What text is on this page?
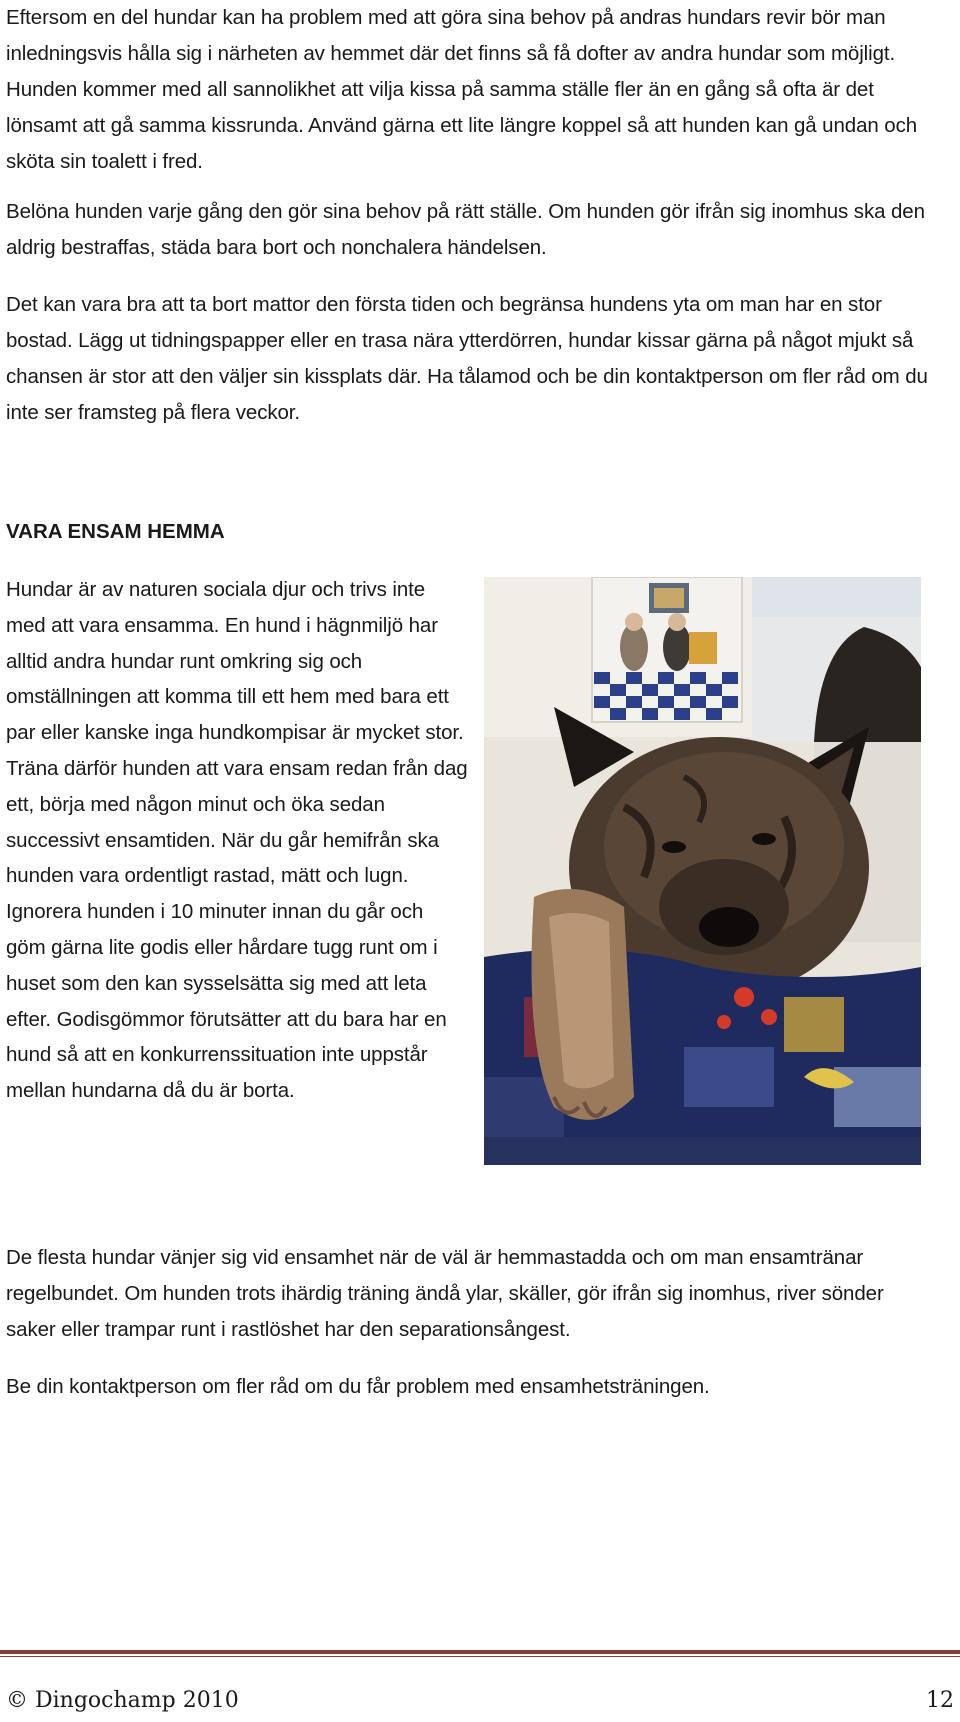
Eftersom en del hundar kan ha problem med att göra sina behov på andras hundars revir bör man inledningsvis hålla sig i närheten av hemmet där det finns så få dofter av andra hundar som möjligt. Hunden kommer med all sannolikhet att vilja kissa på samma ställe fler än en gång så ofta är det lönsamt att gå samma kissrunda. Använd gärna ett lite längre koppel så att hunden kan gå undan och sköta sin toalett i fred.

Belöna hunden varje gång den gör sina behov på rätt ställe. Om hunden gör ifrån sig inomhus ska den aldrig bestraffas, städa bara bort och nonchalera händelsen.

Det kan vara bra att ta bort mattor den första tiden och begränsa hundens yta om man har en stor bostad. Lägg ut tidningspapper eller en trasa nära ytterdörren, hundar kissar gärna på något mjukt så chansen är stor att den väljer sin kissplats där. Ha tålamod och be din kontaktperson om fler råd om du inte ser framsteg på flera veckor.

VARA ENSAM HEMMA

Hundar är av naturen sociala djur och trivs inte med att vara ensamma. En hund i hägnmiljö har alltid andra hundar runt omkring sig och omställningen att komma till ett hem med bara ett par eller kanske inga hundkompisar är mycket stor. Träna därför hunden att vara ensam redan från dag ett, börja med någon minut och öka sedan successivt ensamtiden. När du går hemifrån ska hunden vara ordentligt rastad, mätt och lugn. Ignorera hunden i 10 minuter innan du går och göm gärna lite godis eller hårdare tugg runt om i huset som den kan sysselsätta sig med att leta efter. Godisgömmor förutsätter att du bara har en hund så att en konkurrenssituation inte uppstår mellan hundarna då du är borta.

De flesta hundar vänjer sig vid ensamhet när de väl är hemmastadda och om man ensamtränar regelbundet. Om hunden trots ihärdig träning ändå ylar, skäller, gör ifrån sig inomhus, river sönder saker eller trampar runt i rastlöshet har den separationsångest.

Be din kontaktperson om fler råd om du får problem med ensamhetsträningen.

© Dingochamp 2010	12
